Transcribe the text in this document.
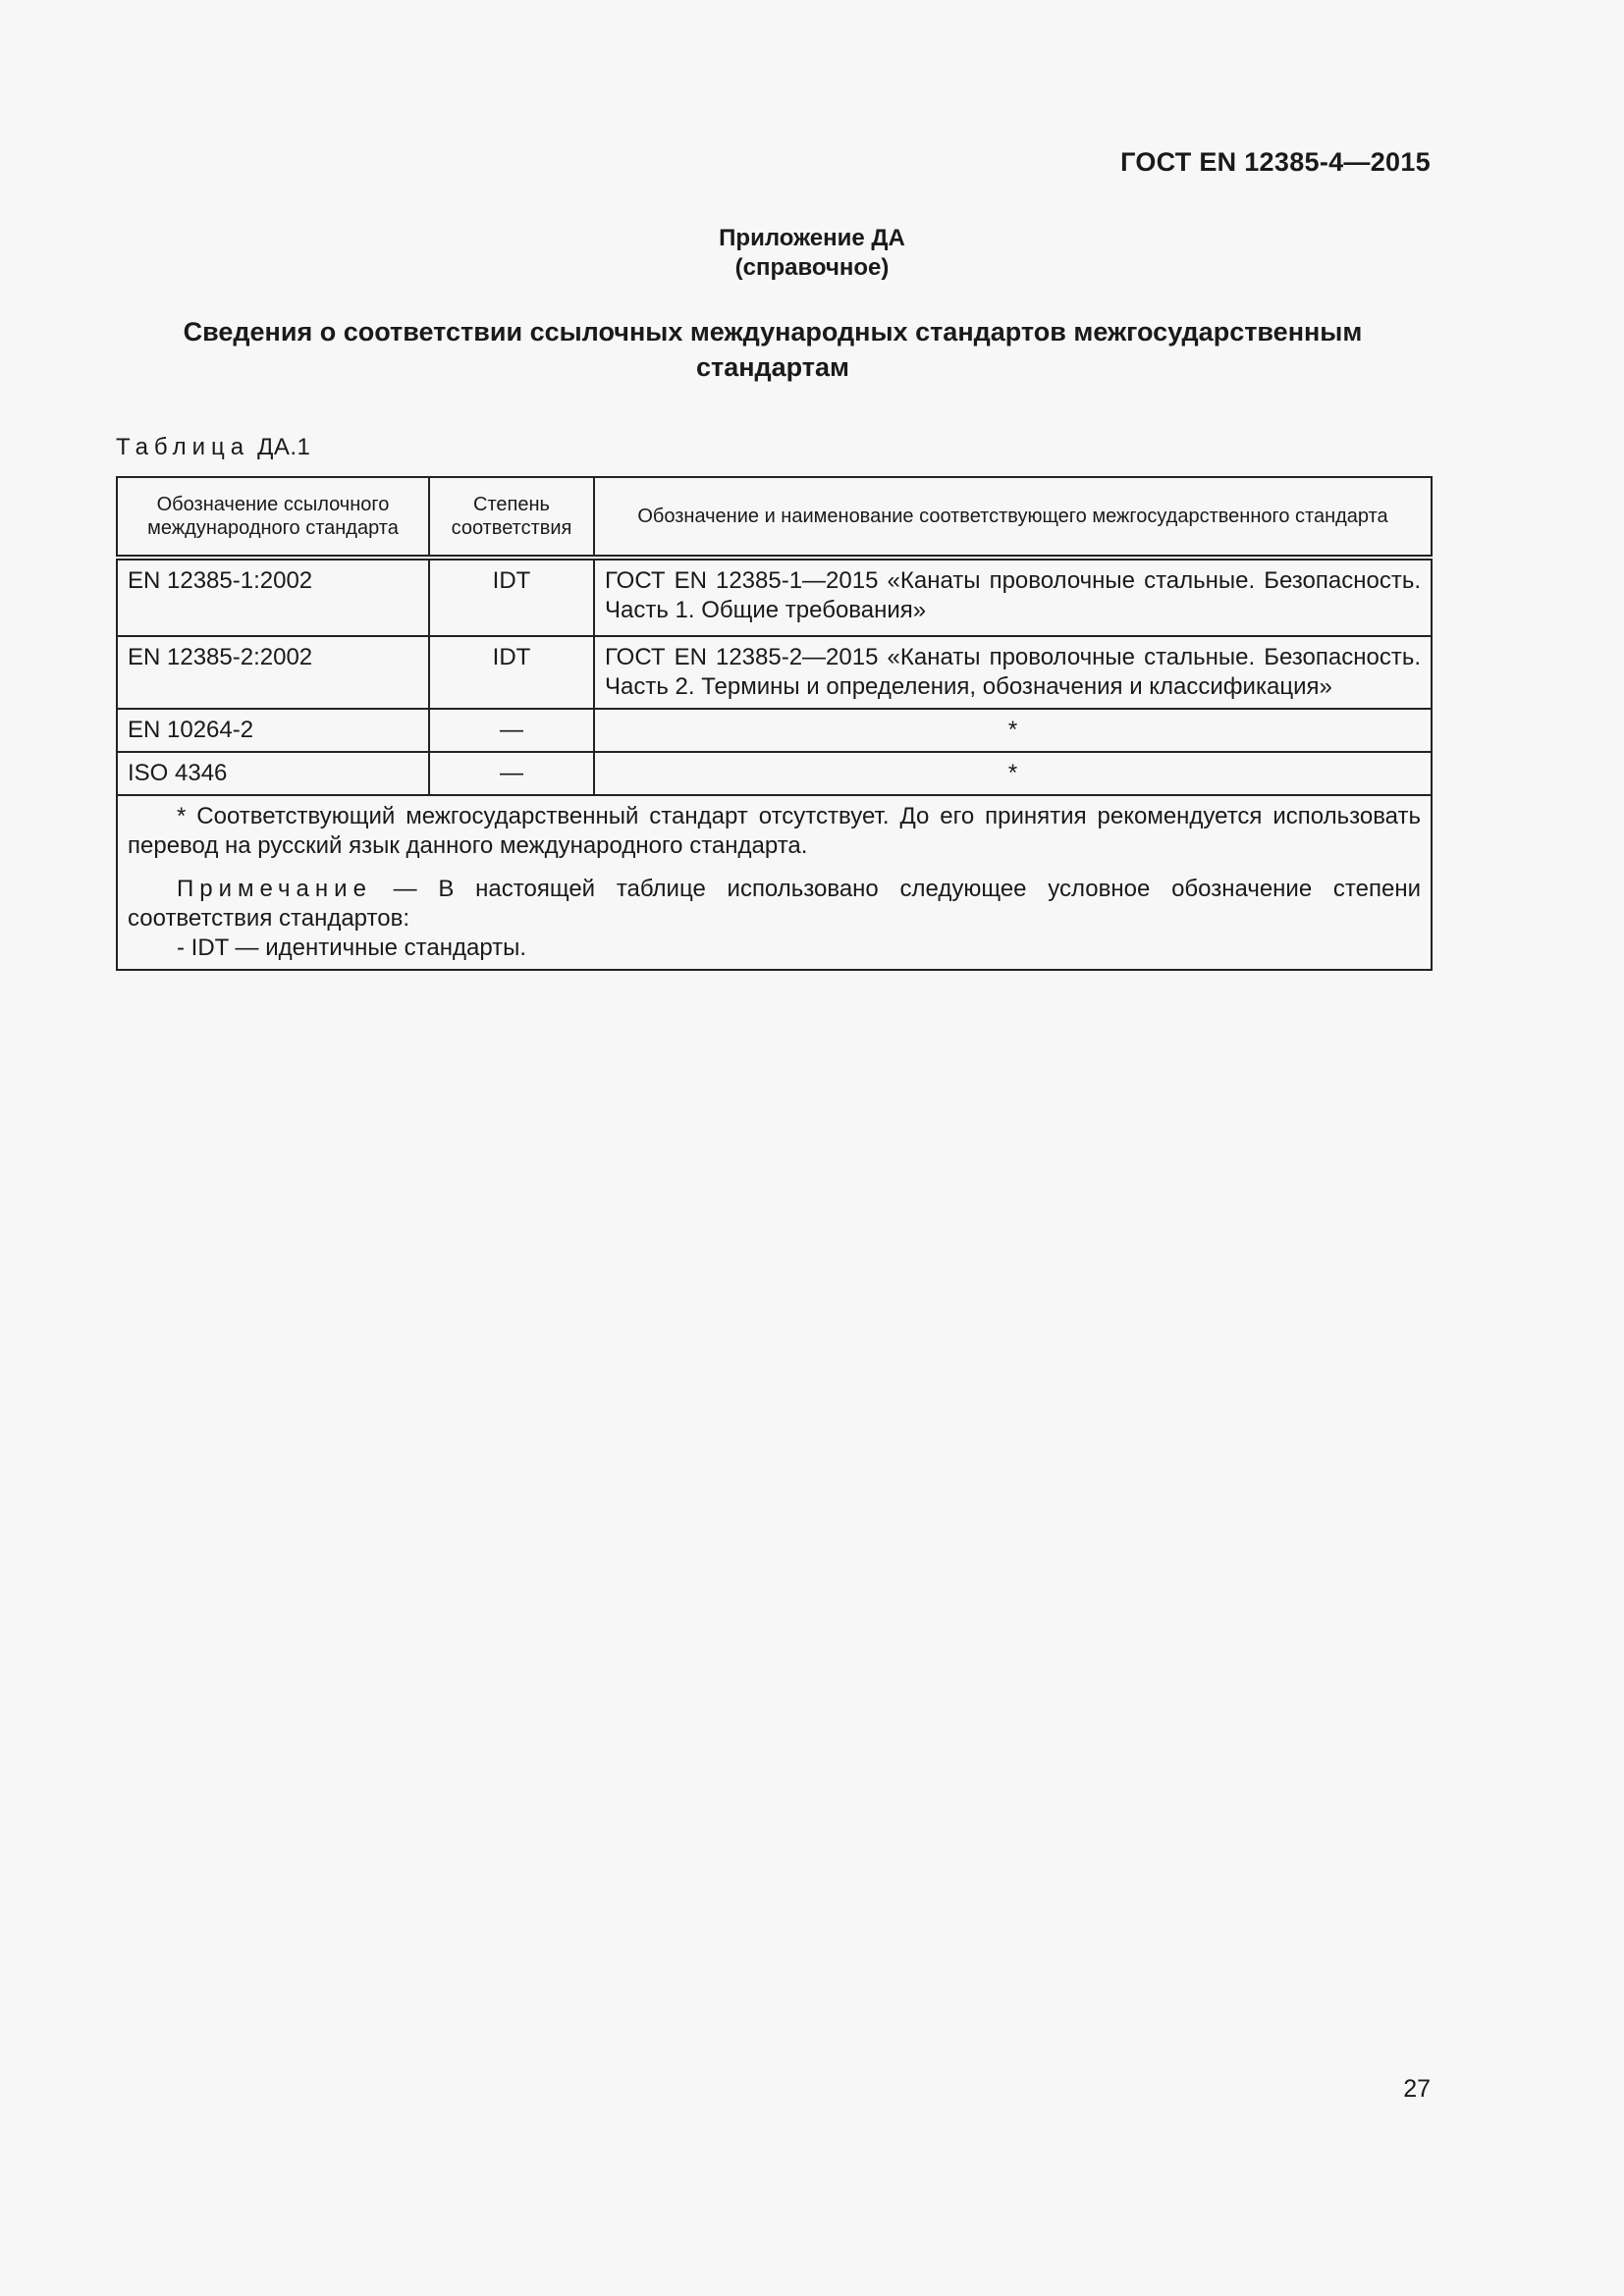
ГОСТ EN 12385-4—2015
Приложение ДА
(справочное)
Сведения о соответствии ссылочных международных стандартов межгосударственным стандартам
Таблица ДА.1
Обозначение ссылочного международного стандарта	Степень соответствия	Обозначение и наименование соответствующего межгосударственного стандарта
EN 12385-1:2002	IDT	ГОСТ EN 12385-1—2015 «Канаты проволочные стальные. Безопасность. Часть 1. Общие требования»
EN 12385-2:2002	IDT	ГОСТ EN 12385-2—2015 «Канаты проволочные стальные. Безопасность. Часть 2. Термины и определения, обозначения и классификация»
EN 10264-2	—	*
ISO 4346	—	*

* Соответствующий межгосударственный стандарт отсутствует. До его принятия рекомендуется использовать перевод на русский язык данного международного стандарта.

Примечание — В настоящей таблице использовано следующее условное обозначение степени соответствия стандартов:

- IDT — идентичные стандарты.		

27
